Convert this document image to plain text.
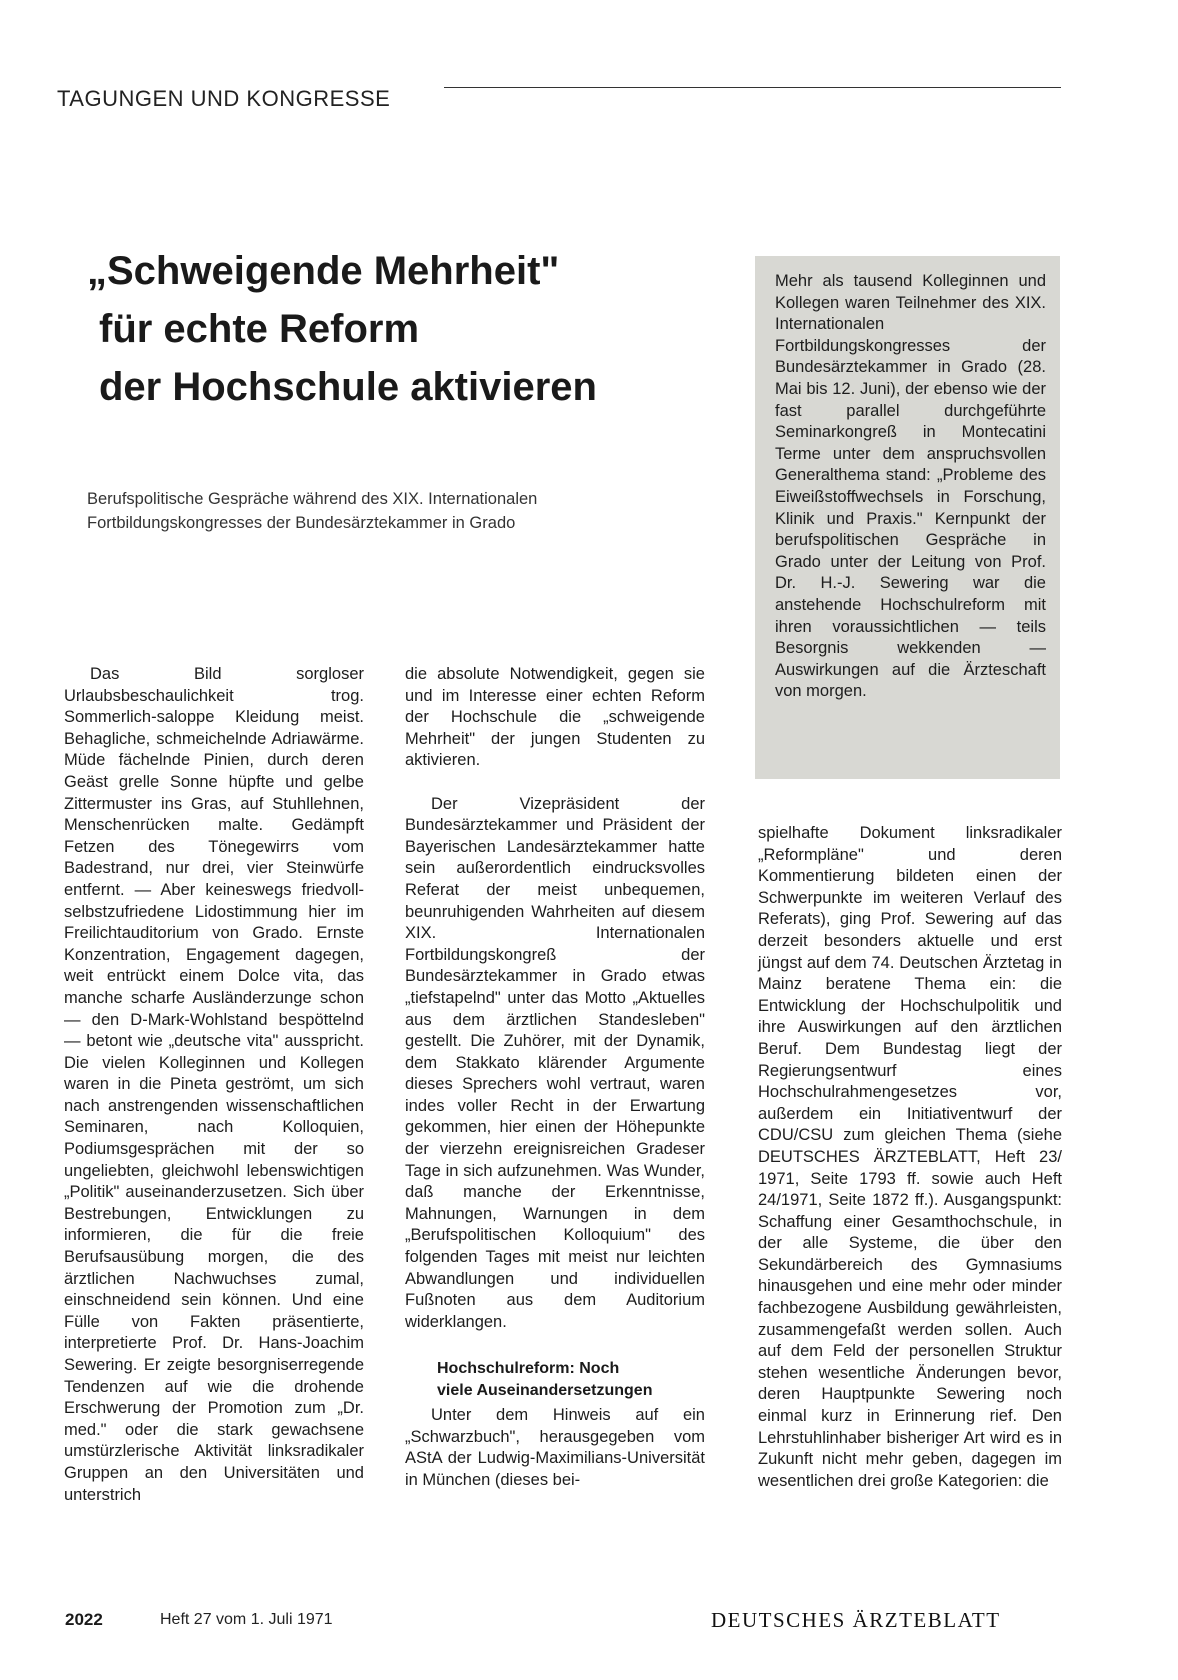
TAGUNGEN UND KONGRESSE
„Schweigende Mehrheit"
für echte Reform
der Hochschule aktivieren

Berufspolitische Gespräche während des XIX. Internationalen
Fortbildungskongresses der Bundesärztekammer in Grado

Mehr als tausend Kolleginnen und Kollegen waren Teilnehmer des XIX. Internationalen Fortbildungskongresses der Bundesärztekammer in Grado (28. Mai bis 12. Juni), der ebenso wie der fast parallel durchgeführte Seminarkongreß in Montecatini Terme unter dem anspruchsvollen Generalthema stand: „Probleme des Eiweißstoffwechsels in Forschung, Klinik und Praxis." Kernpunkt der berufspolitischen Gespräche in Grado unter der Leitung von Prof. Dr. H.-J. Sewering war die anstehende Hochschulreform mit ihren voraussichtlichen — teils Besorgnis wekkenden — Auswirkungen auf die Ärzteschaft von morgen.

Das Bild sorgloser Urlaubsbeschaulichkeit trog. Sommerlich-saloppe Kleidung meist. Behagliche, schmeichelnde Adriawärme. Müde fächelnde Pinien, durch deren Geäst grelle Sonne hüpfte und gelbe Zittermuster ins Gras, auf Stuhllehnen, Menschenrücken malte. Gedämpft Fetzen des Tönegewirrs vom Badestrand, nur drei, vier Steinwürfe entfernt. — Aber keineswegs friedvoll-selbstzufriedene Lidostimmung hier im Freilichtauditorium von Grado. Ernste Konzentration, Engagement dagegen, weit entrückt einem Dolce vita, das manche scharfe Ausländerzunge schon — den D-Mark-Wohlstand bespöttelnd — betont wie „deutsche vita" ausspricht. Die vielen Kolleginnen und Kollegen waren in die Pineta geströmt, um sich nach anstrengenden wissenschaftlichen Seminaren, nach Kolloquien, Podiumsgesprächen mit der so ungeliebten, gleichwohl lebenswichtigen „Politik" auseinanderzusetzen. Sich über Bestrebungen, Entwicklungen zu informieren, die für die freie Berufsausübung morgen, die des ärztlichen Nachwuchses zumal, einschneidend sein können. Und eine Fülle von Fakten präsentierte, interpretierte Prof. Dr. Hans-Joachim Sewering. Er zeigte besorgniserregende Tendenzen auf wie die drohende Erschwerung der Promotion zum „Dr. med." oder die stark gewachsene umstürzlerische Aktivität linksradikaler Gruppen an den Universitäten und unterstrich

die absolute Notwendigkeit, gegen sie und im Interesse einer echten Reform der Hochschule die „schweigende Mehrheit" der jungen Studenten zu aktivieren.

Der Vizepräsident der Bundesärztekammer und Präsident der Bayerischen Landesärztekammer hatte sein außerordentlich eindrucksvolles Referat der meist unbequemen, beunruhigenden Wahrheiten auf diesem XIX. Internationalen Fortbildungskongreß der Bundesärztekammer in Grado etwas „tiefstapelnd" unter das Motto „Aktuelles aus dem ärztlichen Standesleben" gestellt. Die Zuhörer, mit der Dynamik, dem Stakkato klärender Argumente dieses Sprechers wohl vertraut, waren indes voller Recht in der Erwartung gekommen, hier einen der Höhepunkte der vierzehn ereignisreichen Gradeser Tage in sich aufzunehmen. Was Wunder, daß manche der Erkenntnisse, Mahnungen, Warnungen in dem „Berufspolitischen Kolloquium" des folgenden Tages mit meist nur leichten Abwandlungen und individuellen Fußnoten aus dem Auditorium widerklangen.

Hochschulreform: Noch
viele Auseinandersetzungen

Unter dem Hinweis auf ein „Schwarzbuch", herausgegeben vom AStA der Ludwig-Maximilians-Universität in München (dieses bei-

spielhafte Dokument linksradikaler „Reformpläne" und deren Kommentierung bildeten einen der Schwerpunkte im weiteren Verlauf des Referats), ging Prof. Sewering auf das derzeit besonders aktuelle und erst jüngst auf dem 74. Deutschen Ärztetag in Mainz beratene Thema ein: die Entwicklung der Hochschulpolitik und ihre Auswirkungen auf den ärztlichen Beruf. Dem Bundestag liegt der Regierungsentwurf eines Hochschulrahmengesetzes vor, außerdem ein Initiativentwurf der CDU/CSU zum gleichen Thema (siehe DEUTSCHES ÄRZTEBLATT, Heft 23/ 1971, Seite 1793 ff. sowie auch Heft 24/1971, Seite 1872 ff.). Ausgangspunkt: Schaffung einer Gesamthochschule, in der alle Systeme, die über den Sekundärbereich des Gymnasiums hinausgehen und eine mehr oder minder fachbezogene Ausbildung gewährleisten, zusammengefaßt werden sollen. Auch auf dem Feld der personellen Struktur stehen wesentliche Änderungen bevor, deren Hauptpunkte Sewering noch einmal kurz in Erinnerung rief. Den Lehrstuhlinhaber bisheriger Art wird es in Zukunft nicht mehr geben, dagegen im wesentlichen drei große Kategorien: die

2022	Heft 27 vom 1. Juli 1971	DEUTSCHES ÄRZTEBLATT
